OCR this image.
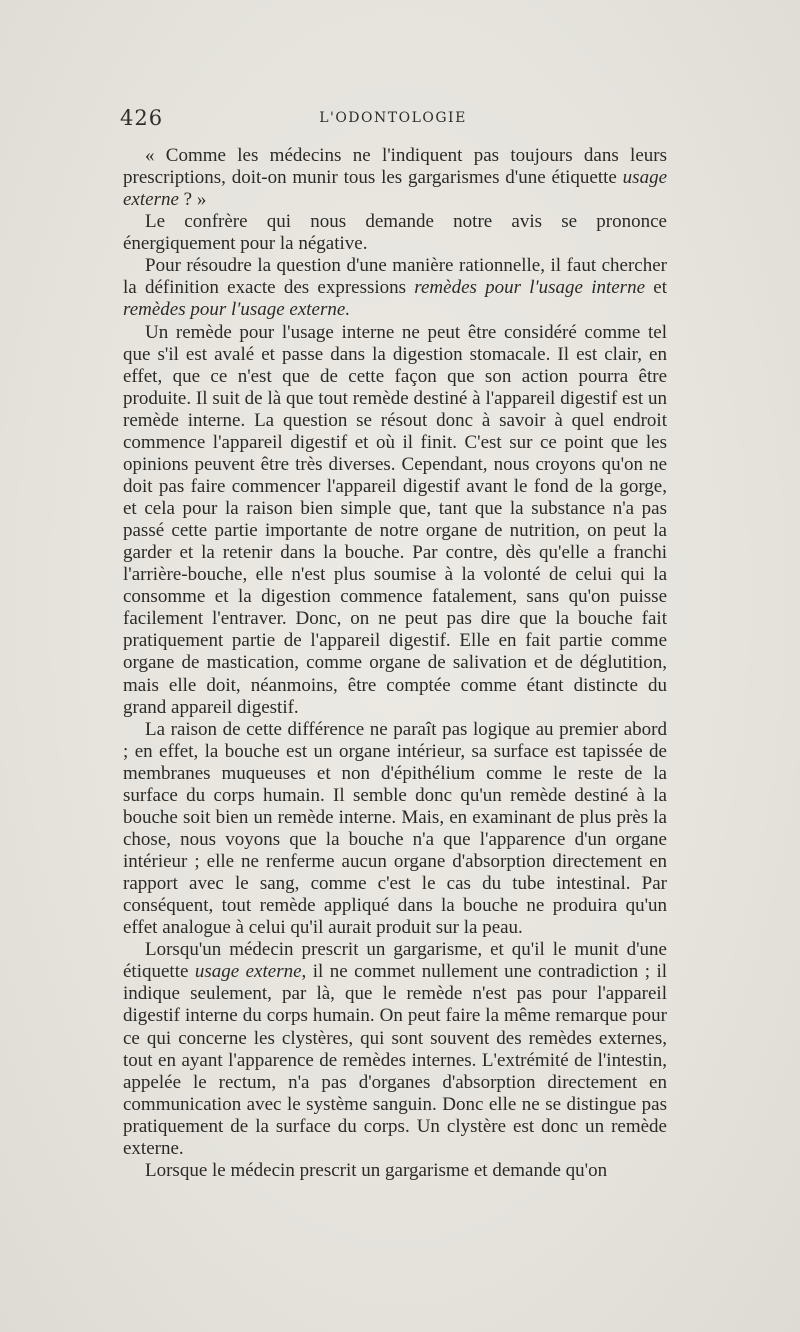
426	L'ODONTOLOGIE

« Comme les médecins ne l'indiquent pas toujours dans leurs prescriptions, doit-on munir tous les gargarismes d'une étiquette usage externe ? »

Le confrère qui nous demande notre avis se prononce énergiquement pour la négative.

Pour résoudre la question d'une manière rationnelle, il faut chercher la définition exacte des expressions remèdes pour l'usage interne et remèdes pour l'usage externe.

Un remède pour l'usage interne ne peut être considéré comme tel que s'il est avalé et passe dans la digestion stomacale. Il est clair, en effet, que ce n'est que de cette façon que son action pourra être produite. Il suit de là que tout remède destiné à l'appareil digestif est un remède interne. La question se résout donc à savoir à quel endroit commence l'appareil digestif et où il finit. C'est sur ce point que les opinions peuvent être très diverses. Cependant, nous croyons qu'on ne doit pas faire commencer l'appareil digestif avant le fond de la gorge, et cela pour la raison bien simple que, tant que la substance n'a pas passé cette partie importante de notre organe de nutrition, on peut la garder et la retenir dans la bouche. Par contre, dès qu'elle a franchi l'arrière-bouche, elle n'est plus soumise à la volonté de celui qui la consomme et la digestion commence fatalement, sans qu'on puisse facilement l'entraver. Donc, on ne peut pas dire que la bouche fait pratiquement partie de l'appareil digestif. Elle en fait partie comme organe de mastication, comme organe de salivation et de déglutition, mais elle doit, néanmoins, être comptée comme étant distincte du grand appareil digestif.

La raison de cette différence ne paraît pas logique au premier abord ; en effet, la bouche est un organe intérieur, sa surface est tapissée de membranes muqueuses et non d'épithélium comme le reste de la surface du corps humain. Il semble donc qu'un remède destiné à la bouche soit bien un remède interne. Mais, en examinant de plus près la chose, nous voyons que la bouche n'a que l'apparence d'un organe intérieur ; elle ne renferme aucun organe d'absorption directement en rapport avec le sang, comme c'est le cas du tube intestinal. Par conséquent, tout remède appliqué dans la bouche ne produira qu'un effet analogue à celui qu'il aurait produit sur la peau.

Lorsqu'un médecin prescrit un gargarisme, et qu'il le munit d'une étiquette usage externe, il ne commet nullement une contradiction ; il indique seulement, par là, que le remède n'est pas pour l'appareil digestif interne du corps humain. On peut faire la même remarque pour ce qui concerne les clystères, qui sont souvent des remèdes externes, tout en ayant l'apparence de remèdes internes. L'extrémité de l'intestin, appelée le rectum, n'a pas d'organes d'absorption directement en communication avec le système sanguin. Donc elle ne se distingue pas pratiquement de la surface du corps. Un clystère est donc un remède externe.

Lorsque le médecin prescrit un gargarisme et demande qu'on
